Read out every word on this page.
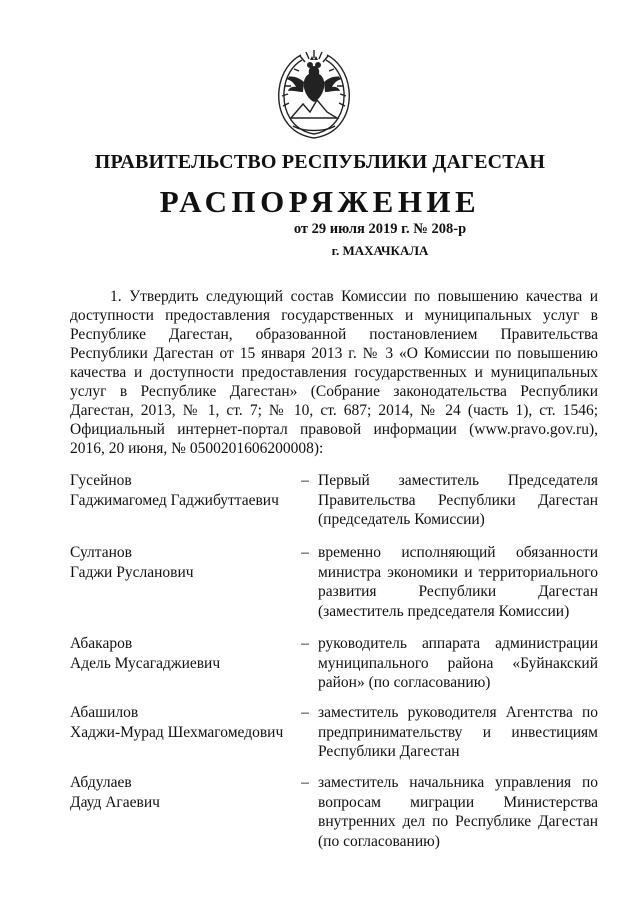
ПРАВИТЕЛЬСТВО РЕСПУБЛИКИ ДАГЕСТАН
РАСПОРЯЖЕНИЕ
от 29 июля 2019 г. № 208-р
г. МАХАЧКАЛА

1. Утвердить следующий состав Комиссии по повышению качества и доступности предоставления государственных и муниципальных услуг в Республике Дагестан, образованной постановлением Правительства Республики Дагестан от 15 января 2013 г. № 3 «О Комиссии по повышению качества и доступности предоставления государственных и муниципальных услуг в Республике Дагестан» (Собрание законодательства Республики Дагестан, 2013, № 1, ст. 7; № 10, ст. 687; 2014, № 24 (часть 1), ст. 1546; Официальный интернет-портал правовой информации (www.pravo.gov.ru), 2016, 20 июня, № 0500201606200008):

Гусейнов
Гаджимагомед Гаджибуттаевич
– Первый заместитель Председателя Правительства Республики Дагестан (председатель Комиссии)
Султанов
Гаджи Русланович
– временно исполняющий обязанности министра экономики и территориального развития Республики Дагестан (заместитель председателя Комиссии)
Абакаров
Адель Мусагаджиевич
– руководитель аппарата администрации муниципального района «Буйнакский район» (по согласованию)
Абашилов
Хаджи-Мурад Шехмагомедович
– заместитель руководителя Агентства по предпринимательству и инвестициям Республики Дагестан
Абдулаев
Дауд Агаевич
– заместитель начальника управления по вопросам миграции Министерства внутренних дел по Республике Дагестан (по согласованию)
